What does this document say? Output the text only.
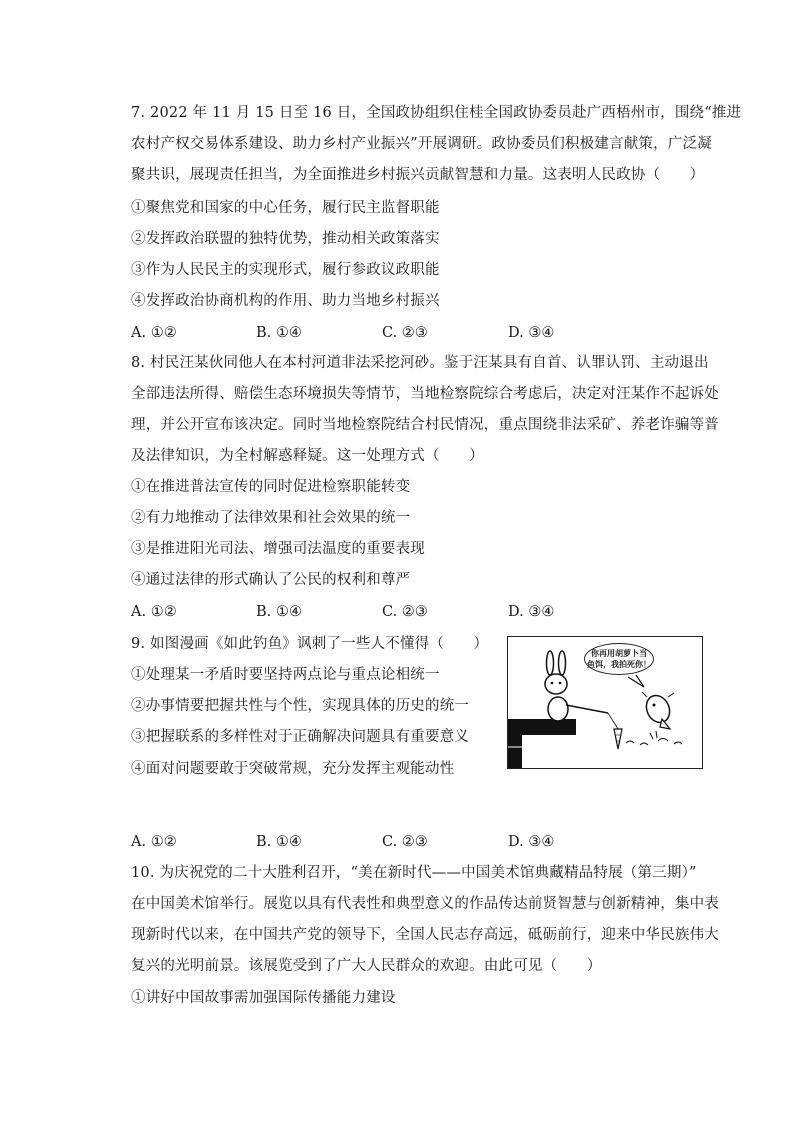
7. 2022 年 11 月 15 日至 16 日，全国政协组织住桂全国政协委员赴广西梧州市，围绕“推进
农村产权交易体系建设、助力乡村产业振兴”开展调研。政协委员们积极建言献策，广泛凝
聚共识，展现责任担当，为全面推进乡村振兴贡献智慧和力量。这表明人民政协（　　）
①聚焦党和国家的中心任务，履行民主监督职能
②发挥政治联盟的独特优势，推动相关政策落实
③作为人民民主的实现形式，履行参政议政职能
④发挥政治协商机构的作用、助力当地乡村振兴
A. ①②	B. ①④	C. ②③	D. ③④
8. 村民汪某伙同他人在本村河道非法采挖河砂。鉴于汪某具有自首、认罪认罚、主动退出
全部违法所得、赔偿生态环境损失等情节，当地检察院综合考虑后，决定对汪某作不起诉处
理，并公开宣布该决定。同时当地检察院结合村民情况，重点围绕非法采矿、养老诈骗等普
及法律知识，为全村解惑释疑。这一处理方式（　　）
①在推进普法宣传的同时促进检察职能转变
②有力地推动了法律效果和社会效果的统一
③是推进阳光司法、增强司法温度的重要表现
④通过法律的形式确认了公民的权利和尊严
A. ①②	B. ①④	C. ②③	D. ③④
9. 如图漫画《如此钓鱼》讽刺了一些人不懂得（　　）
①处理某一矛盾时要坚持两点论与重点论相统一
②办事情要把握共性与个性，实现具体的历史的统一
③把握联系的多样性对于正确解决问题具有重要意义
④面对问题要敢于突破常规，充分发挥主观能动性
你再用胡萝卜当
鱼饵，我拍死你！
A. ①②	B. ①④	C. ②③	D. ③④
10. 为庆祝党的二十大胜利召开，“美在新时代——中国美术馆典藏精品特展（第三期）”
在中国美术馆举行。展览以具有代表性和典型意义的作品传达前贤智慧与创新精神，集中表
现新时代以来，在中国共产党的领导下，全国人民志存高远，砥砺前行，迎来中华民族伟大
复兴的光明前景。该展览受到了广大人民群众的欢迎。由此可见（　　）
①讲好中国故事需加强国际传播能力建设
